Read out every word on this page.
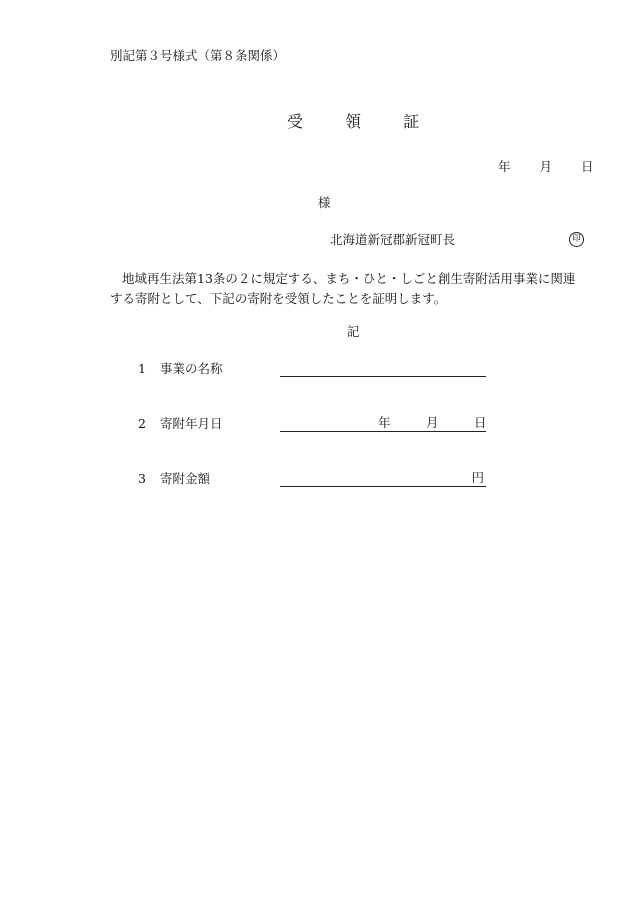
別記第３号様式（第８条関係）
受	領	証
年 月 日
様
北海道新冠郡新冠町長	印
地域再生法第13条の２に規定する、まち・ひと・しごと創生寄附活用事業に関連する寄附として、下記の寄附を受領したことを証明します。
記
1 事業の名称
2 寄附年月日	年	月	日
3 寄附金額	円
